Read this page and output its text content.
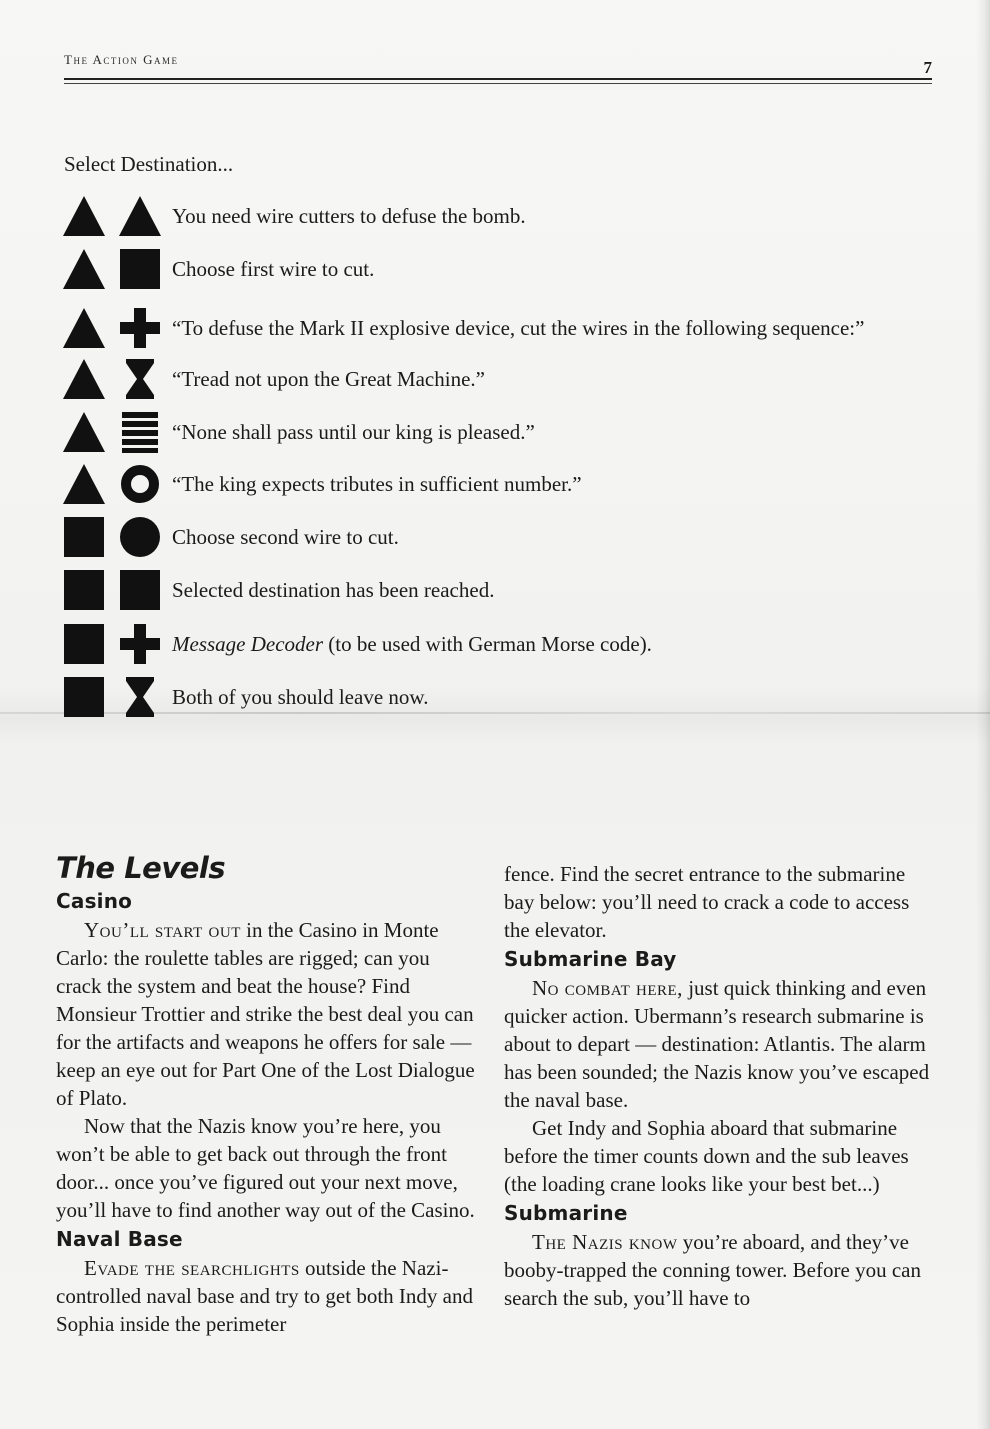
The Action Game	7
Select Destination...
You need wire cutters to defuse the bomb.
Choose first wire to cut.
“To defuse the Mark II explosive device, cut the wires in the following sequence:”
“Tread not upon the Great Machine.”
“None shall pass until our king is pleased.”
“The king expects tributes in sufficient number.”
Choose second wire to cut.
Selected destination has been reached.
Message Decoder (to be used with German Morse code).
Both of you should leave now.
The Levels
Casino

You’ll start out in the Casino in Monte Carlo: the roulette tables are rigged; can you crack the system and beat the house? Find Monsieur Trottier and strike the best deal you can for the artifacts and weapons he offers for sale — keep an eye out for Part One of the Lost Dialogue of Plato.

Now that the Nazis know you’re here, you won’t be able to get back out through the front door... once you’ve figured out your next move, you’ll have to find another way out of the Casino.

Naval Base

Evade the searchlights outside the Nazi-controlled naval base and try to get both Indy and Sophia inside the perimeter

fence. Find the secret entrance to the submarine bay below: you’ll need to crack a code to access the elevator.

Submarine Bay

No combat here, just quick thinking and even quicker action. Ubermann’s research submarine is about to depart — destination: Atlantis. The alarm has been sounded; the Nazis know you’ve escaped the naval base.

Get Indy and Sophia aboard that submarine before the timer counts down and the sub leaves (the loading crane looks like your best bet...)

Submarine

The Nazis know you’re aboard, and they’ve booby-trapped the conning tower. Before you can search the sub, you’ll have to
